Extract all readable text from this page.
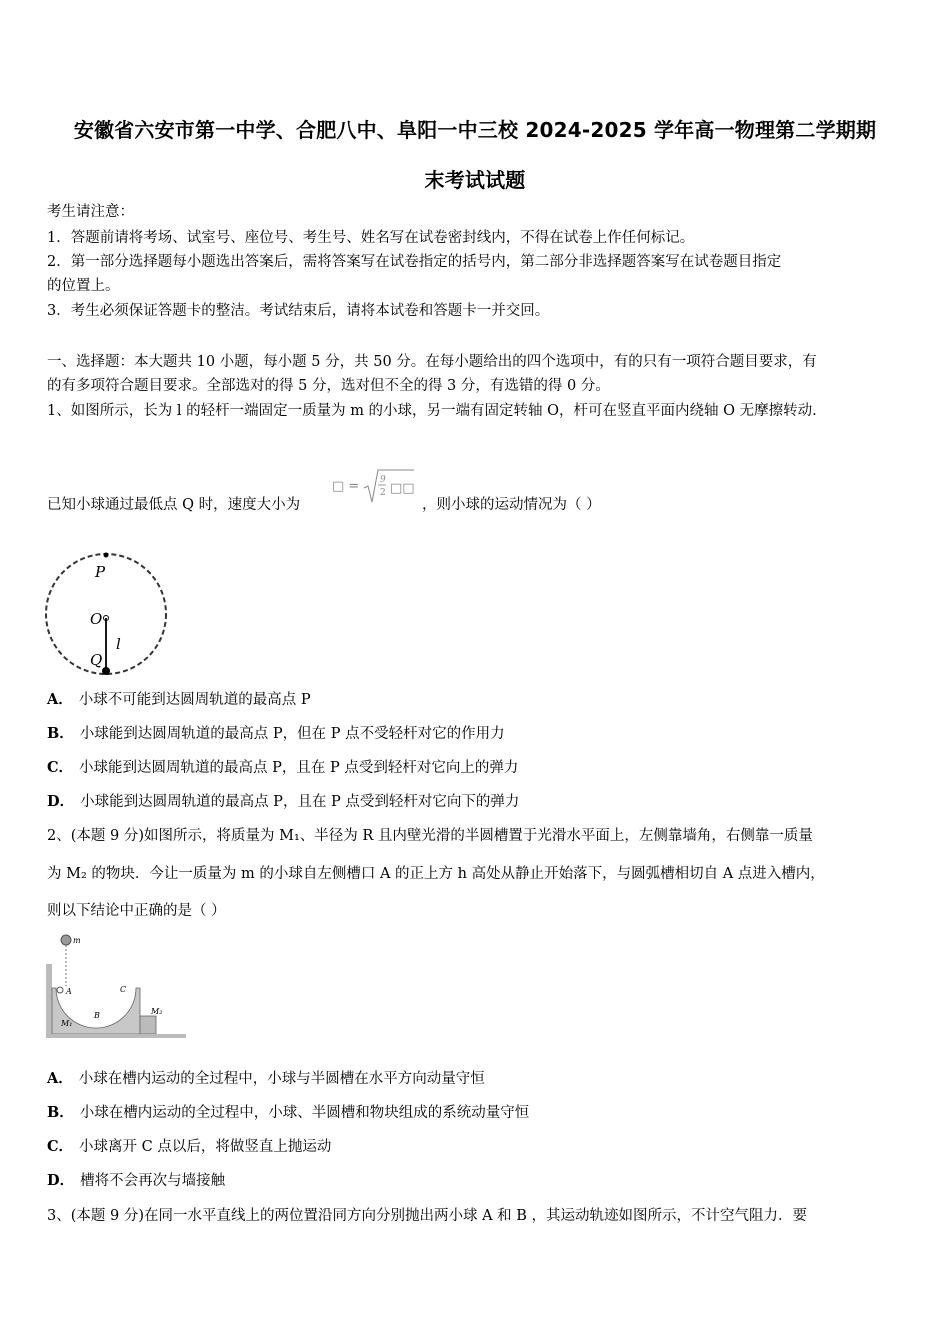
安徽省六安市第一中学、合肥八中、阜阳一中三校 2024-2025 学年高一物理第二学期期
末考试试题
考生请注意：
1．答题前请将考场、试室号、座位号、考生号、姓名写在试卷密封线内，不得在试卷上作任何标记。
2．第一部分选择题每小题选出答案后，需将答案写在试卷指定的括号内，第二部分非选择题答案写在试卷题目指定
的位置上。
3．考生必须保证答题卡的整洁。考试结束后，请将本试卷和答题卡一并交回。
一、选择题：本大题共 10 小题，每小题 5 分，共 50 分。在每小题给出的四个选项中，有的只有一项符合题目要求，有
的有多项符合题目要求。全部选对的得 5 分，选对但不全的得 3 分，有选错的得 0 分。
1、如图所示，长为 l 的轻杆一端固定一质量为 m 的小球，另一端有固定转轴 O，杆可在竖直平面内绕轴 O 无摩擦转动.
已知小球通过最低点 Q 时，速度大小为
□ = 9
2 □□
，则小球的运动情况为（ ）
P
O
l
Q
A． 小球不可能到达圆周轨道的最高点 P
B． 小球能到达圆周轨道的最高点 P，但在 P 点不受轻杆对它的作用力
C． 小球能到达圆周轨道的最高点 P，且在 P 点受到轻杆对它向上的弹力
D． 小球能到达圆周轨道的最高点 P，且在 P 点受到轻杆对它向下的弹力
2、(本题 9 分)如图所示，将质量为 M₁、半径为 R 且内壁光滑的半圆槽置于光滑水平面上，左侧靠墙角，右侧靠一质量
为 M₂ 的物块．今让一质量为 m 的小球自左侧槽口 A 的正上方 h 高处从静止开始落下，与圆弧槽相切自 A 点进入槽内，
则以下结论中正确的是（ ）
m
A
B
C
M₁
M₂
A． 小球在槽内运动的全过程中，小球与半圆槽在水平方向动量守恒
B． 小球在槽内运动的全过程中，小球、半圆槽和物块组成的系统动量守恒
C． 小球离开 C 点以后，将做竖直上抛运动
D． 槽将不会再次与墙接触
3、(本题 9 分)在同一水平直线上的两位置沿同方向分别抛出两小球 A 和 B ，其运动轨迹如图所示，不计空气阻力．要
